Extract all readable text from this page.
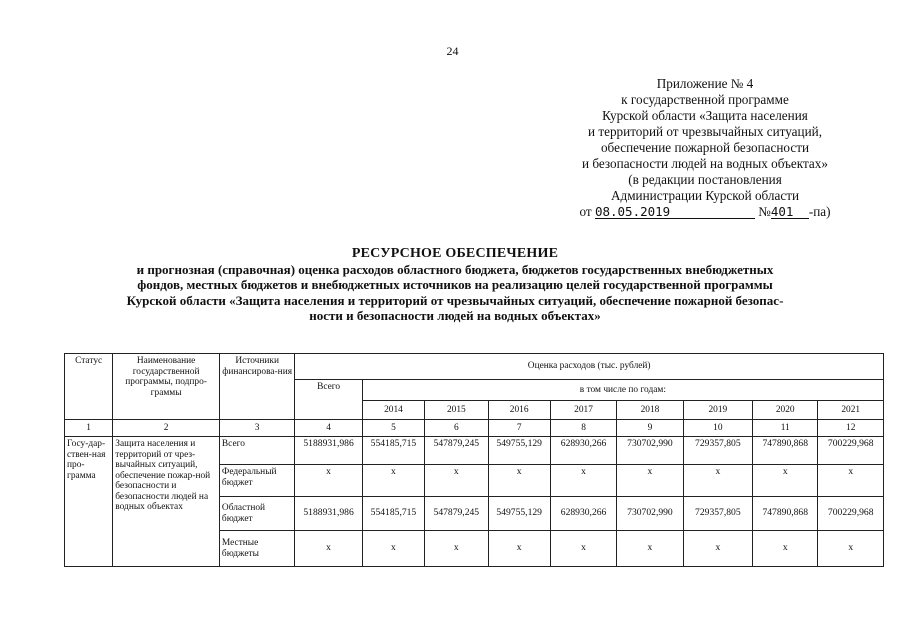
24
Приложение № 4
к государственной программе
Курской области «Защита населения
и территорий от чрезвычайных ситуаций,
обеспечение пожарной безопасности
и безопасности людей на водных объектах»
(в редакции постановления
Администрации Курской области
от 08.05.2019	№401 -па)
РЕСУРСНОЕ ОБЕСПЕЧЕНИЕ
и прогнозная (справочная) оценка расходов областного бюджета, бюджетов государственных внебюджетных
фондов, местных бюджетов и внебюджетных источников на реализацию целей государственной программы
Курской области «Защита населения и территорий от чрезвычайных ситуаций, обеспечение пожарной безопас-
ности и безопасности людей на водных объектах»
Статус	Наименование государственной программы, подпро-граммы	Источники финансирова-ния	Оценка расходов (тыс. рублей)								
			Всего	в том числе по годам:							
				2014	2015	2016	2017	2018	2019	2020	2021
1	2	3	4	5	6	7	8	9	10	11	12
Госу-дар-ствен-ная про-грамма	Защита населения и территорий от чрез-вычайных ситуаций, обеспечение пожар-ной безопасности и безопасности людей на водных объектах	Всего	5188931,986	554185,715	547879,245	549755,129	628930,266	730702,990	729357,805	747890,868	700229,968
		Федеральный бюджет	x	x	x	x	x	x	x	x	x
		Областной бюджет	5188931,986	554185,715	547879,245	549755,129	628930,266	730702,990	729357,805	747890,868	700229,968
		Местные бюджеты	x	x	x	x	x	x	x	x	x
